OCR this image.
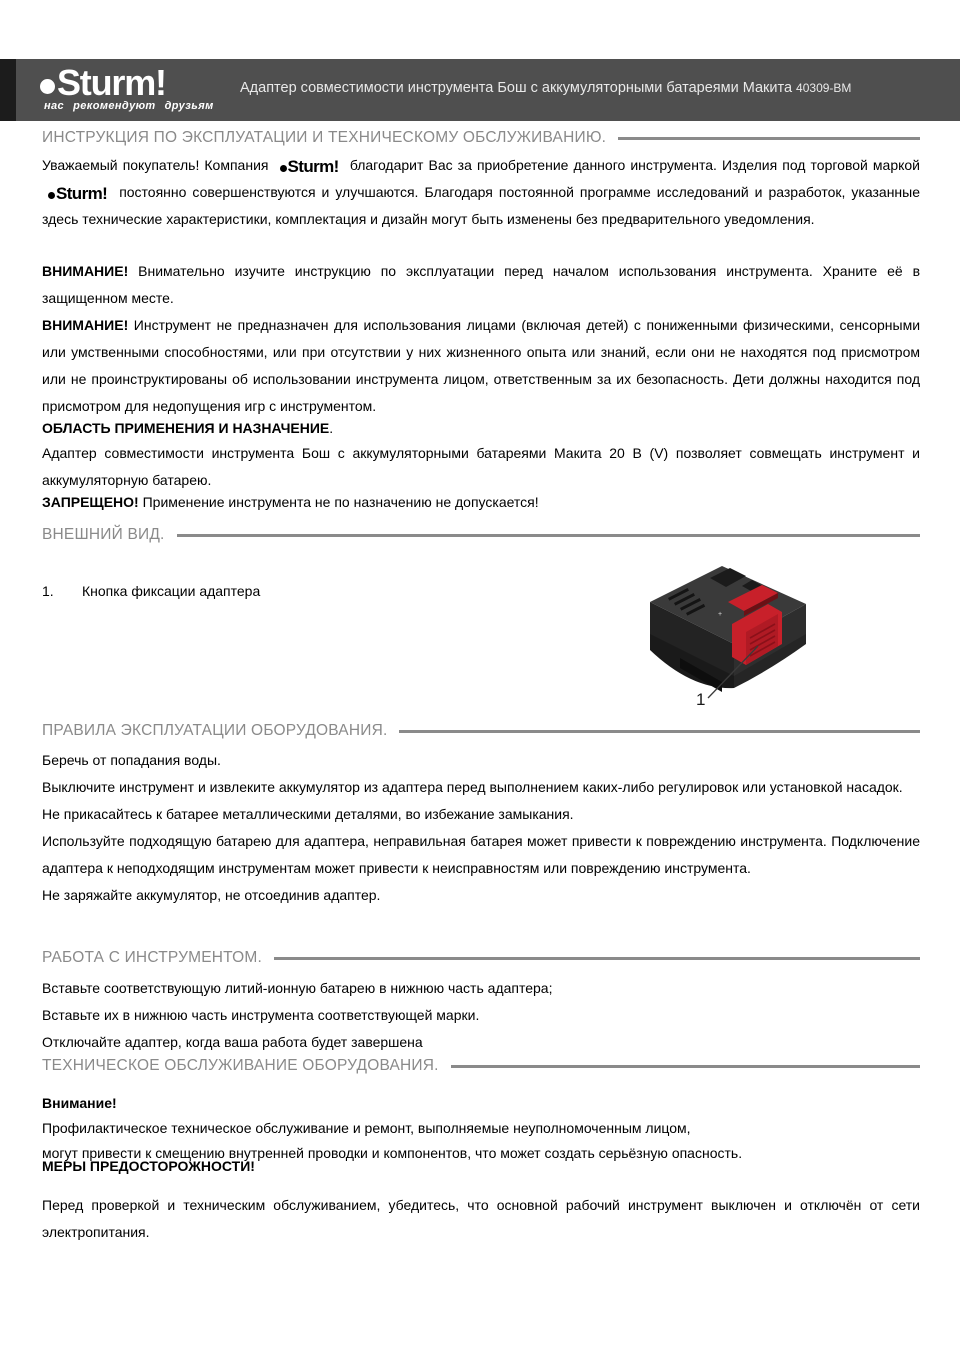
Sturm!
нас рекомендуют друзьям
Адаптер совместимости инструмента Бош с аккумуляторными батареями Макита 40309-BM
ИНСТРУКЦИЯ ПО ЭКСПЛУАТАЦИИ И ТЕХНИЧЕСКОМУ ОБСЛУЖИВАНИЮ.
Уважаемый покупатель! Компания Sturm! благодарит Вас за приобретение данного инструмента. Изделия под торговой маркой
Sturm! постоянно совершенствуются и улучшаются. Благодаря постоянной программе исследований и разработок, указанные здесь технические характеристики, комплектация и дизайн могут быть изменены без предварительного уведомления.
ВНИМАНИЕ! Внимательно изучите инструкцию по эксплуатации перед началом использования инструмента. Храните её в защищенном месте.
ВНИМАНИЕ! Инструмент не предназначен для использования лицами (включая детей) с пониженными физическими, сенсорными или умственными способностями, или при отсутствии у них жизненного опыта или знаний, если они не находятся под присмотром или не проинструктированы об использовании инструмента лицом, ответственным за их безопасность. Дети должны находится под присмотром для недопущения игр с инструментом.
ОБЛАСТЬ ПРИМЕНЕНИЯ И НАЗНАЧЕНИЕ.
Адаптер совместимости инструмента Бош с аккумуляторными батареями Макита 20 В (V) позволяет совмещать инструмент и аккумуляторную батарею.
ЗАПРЕЩЕНО! Применение инструмента не по назначению не допускается!
ВНЕШНИЙ ВИД.
1.	Кнопка фиксации адаптера
+
1
ПРАВИЛА ЭКСПЛУАТАЦИИ ОБОРУДОВАНИЯ.

Беречь от попадания воды.

Выключите инструмент и извлеките аккумулятор из адаптера перед выполнением каких-либо регулировок или установкой насадок.

Не прикасайтесь к батарее металлическими деталями, во избежание замыкания.

Используйте подходящую батарею для адаптера, неправильная батарея может привести к повреждению инструмента. Подключение адаптера к неподходящим инструментам может привести к неисправностям или повреждению инструмента.

Не заряжайте аккумулятор, не отсоединив адаптер.

РАБОТА С ИНСТРУМЕНТОМ.

Вставьте соответствующую литий-ионную батарею в нижнюю часть адаптера;

Вставьте их в нижнюю часть инструмента соответствующей марки.

Отключайте адаптер, когда ваша работа будет завершена

ТЕХНИЧЕСКОЕ ОБСЛУЖИВАНИЕ ОБОРУДОВАНИЯ.

Внимание!

Профилактическое техническое обслуживание и ремонт, выполняемые неуполномоченным лицом,

могут привести к смещению внутренней проводки и компонентов, что может создать серьёзную опасность.

МЕРЫ ПРЕДОСТОРОЖНОСТИ!
Перед проверкой и техническим обслуживанием, убедитесь, что основной рабочий инструмент выключен и отключён от сети электропитания.
